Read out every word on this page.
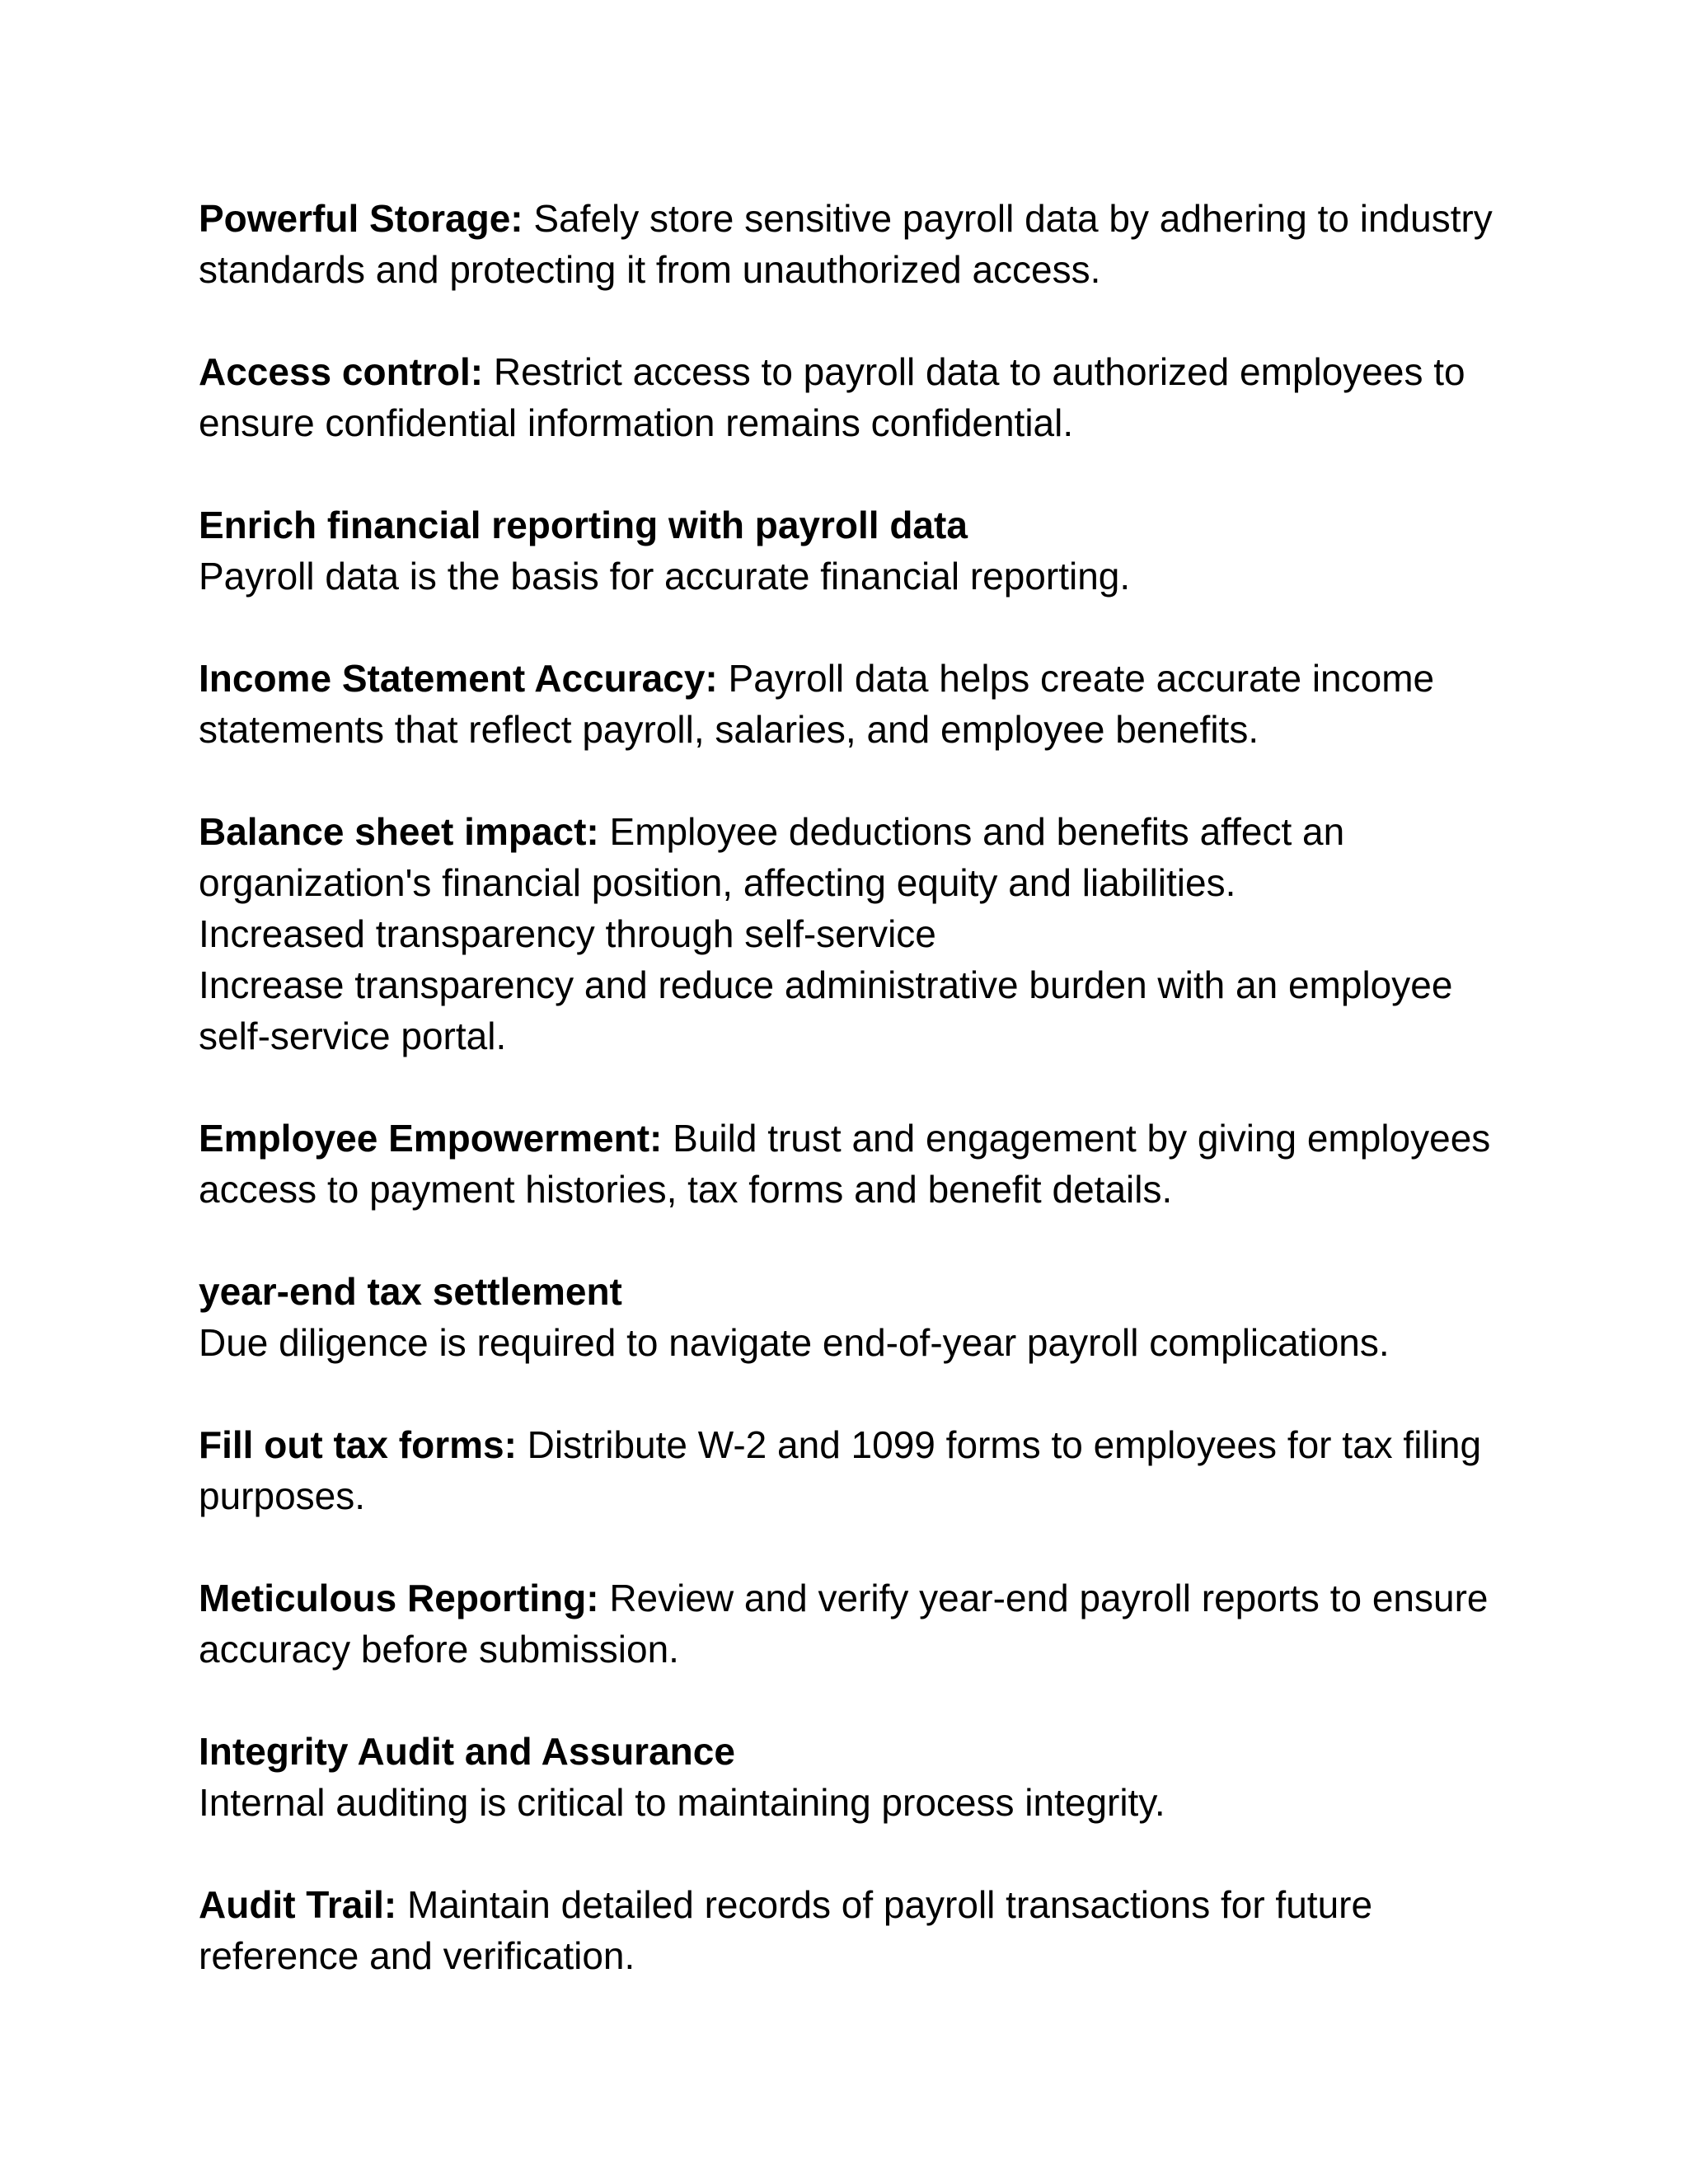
Powerful Storage: Safely store sensitive payroll data by adhering to industry standards and protecting it from unauthorized access.

Access control: Restrict access to payroll data to authorized employees to ensure confidential information remains confidential.

Enrich financial reporting with payroll data
Payroll data is the basis for accurate financial reporting.

Income Statement Accuracy: Payroll data helps create accurate income statements that reflect payroll, salaries, and employee benefits.

Balance sheet impact: Employee deductions and benefits affect an organization's financial position, affecting equity and liabilities.

Increased transparency through self-service
Increase transparency and reduce administrative burden with an employee self-service portal.

Employee Empowerment: Build trust and engagement by giving employees access to payment histories, tax forms and benefit details.

year-end tax settlement
Due diligence is required to navigate end-of-year payroll complications.

Fill out tax forms: Distribute W-2 and 1099 forms to employees for tax filing purposes.

Meticulous Reporting: Review and verify year-end payroll reports to ensure accuracy before submission.

Integrity Audit and Assurance
Internal auditing is critical to maintaining process integrity.

Audit Trail: Maintain detailed records of payroll transactions for future reference and verification.
